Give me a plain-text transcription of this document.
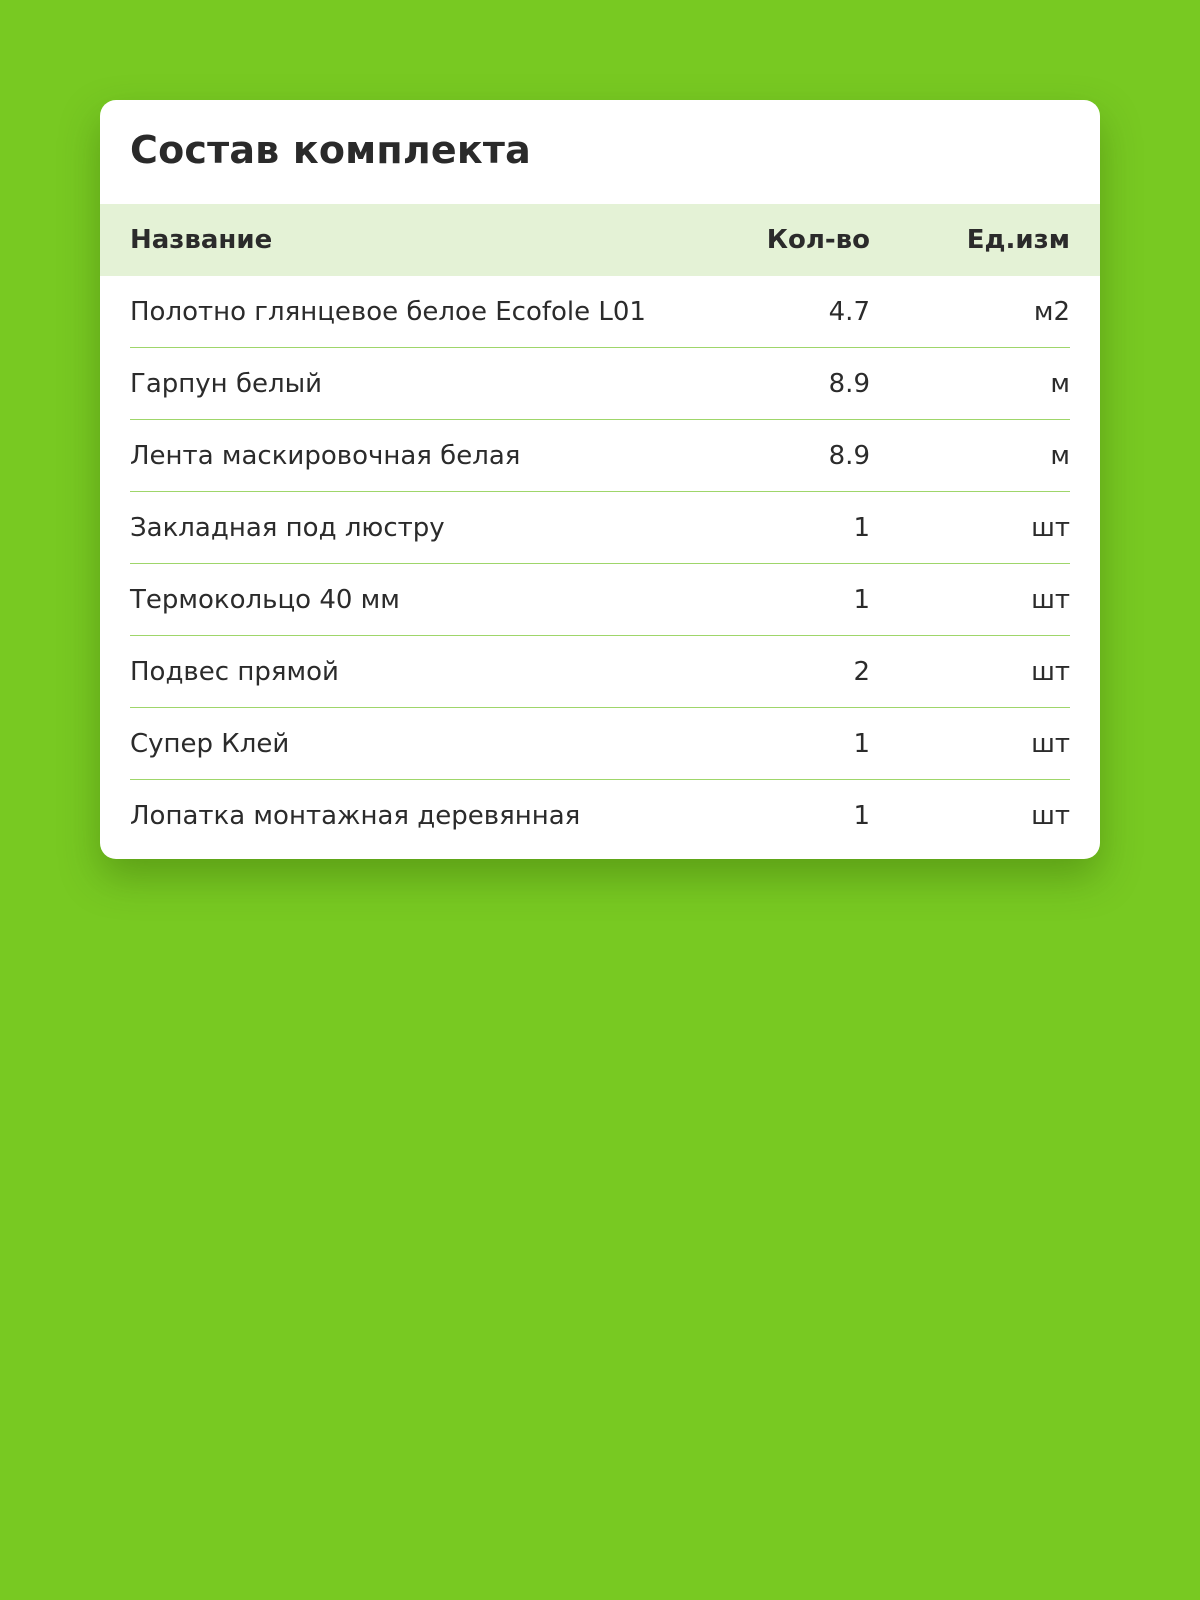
Состав комплекта
Название	Кол-во	Ед.изм
Полотно глянцевое белое Ecofole L01	4.7	м2
Гарпун белый	8.9	м
Лента маскировочная белая	8.9	м
Закладная под люстру	1	шт
Термокольцо 40 мм	1	шт
Подвес прямой	2	шт
Супер Клей	1	шт
Лопатка монтажная деревянная	1	шт
